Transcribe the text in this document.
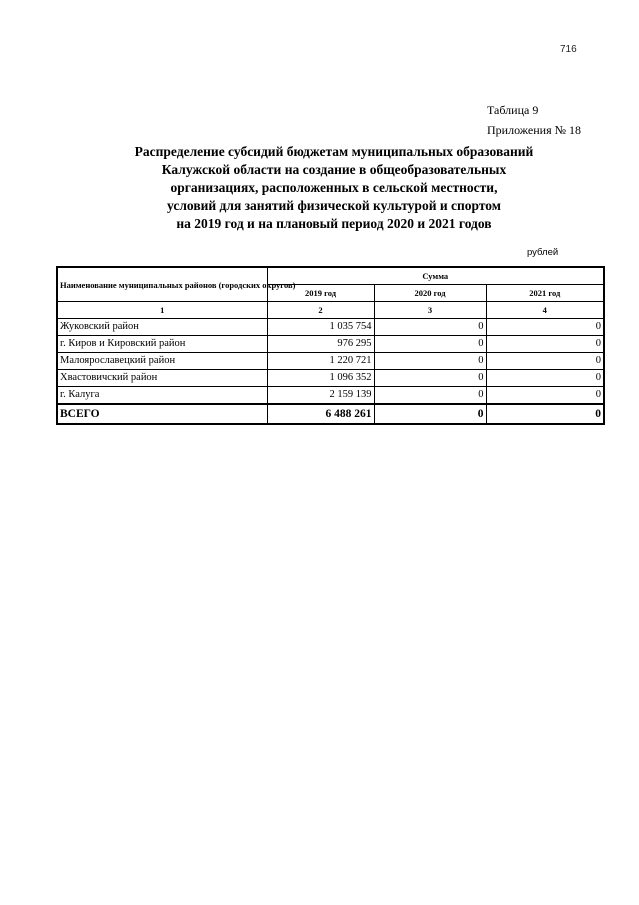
716
Таблица 9
Приложения № 18
Распределение субсидий бюджетам муниципальных образований
Калужской области на создание в общеобразовательных
организациях, расположенных в сельской местности,
условий для занятий физической культурой и спортом
на 2019 год и на плановый период 2020 и 2021 годов
рублей
Наименование муниципальных районов (городских округов)	Сумма		
	2019 год	2020 год	2021 год
1	2	3	4
Жуковский район	1 035 754	0	0
г. Киров и Кировский район	976 295	0	0
Малоярославецкий район	1 220 721	0	0
Хвастовичский район	1 096 352	0	0
г. Калуга	2 159 139	0	0
ВСЕГО	6 488 261	0	0
